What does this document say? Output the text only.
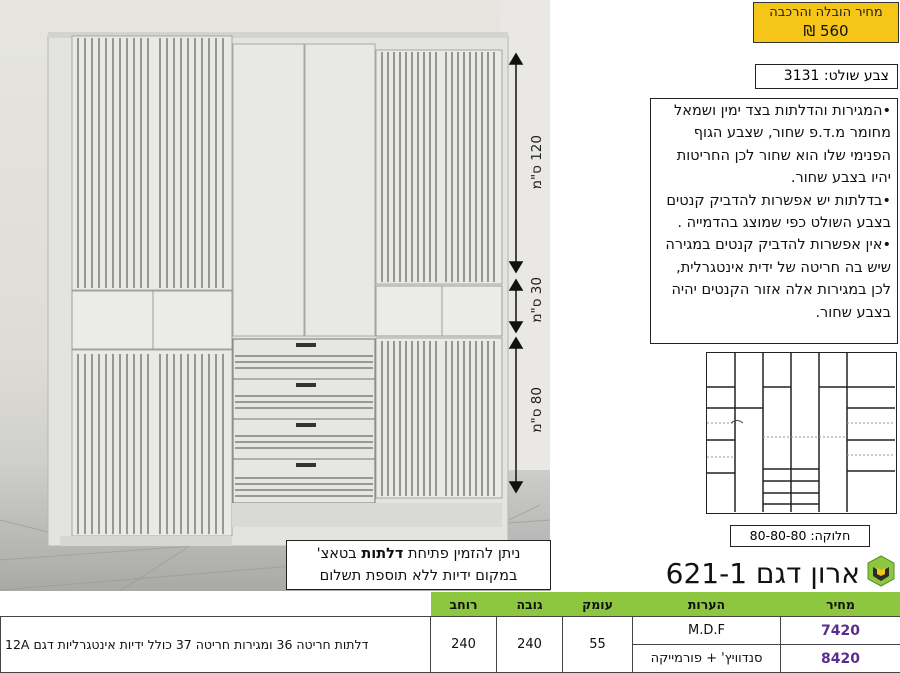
120 ס"מ
30 ס"מ
80 ס"מ
מחיר הובלה והרכבה
560 ₪
צבע שולט: 3131

•המגירות והדלתות בצד ימין ושמאל מחומר מ.ד.פ שחור, שצבע הגוף הפנימי שלו הוא שחור לכן החריטות יהיו בצבע שחור.

•בדלתות יש אפשרות להדביק קנטים בצבע השולט כפי שמוצג בהדמייה .

•אין אפשרות להדביק קנטים במגירה שיש בה חריטה של ידית אינטגרלית, לכן במגירות אלה אזור הקנטים יהיה בצבע שחור.

חלוקה: 80-80-80
ארון דגם 621-1
ניתן להזמין פתיחת דלתות בטאצ'
במקום ידיות ללא תוספת תשלום
מחיר	הערות	עומק	גובה	רוחב	
7420	M.D.F	55	240	240	דלתות חריטה 36 ומגירות חריטה 37 כולל ידיות אינטגרליות דגם 12A
8420	סנדוויץ' + פורמייקה				
